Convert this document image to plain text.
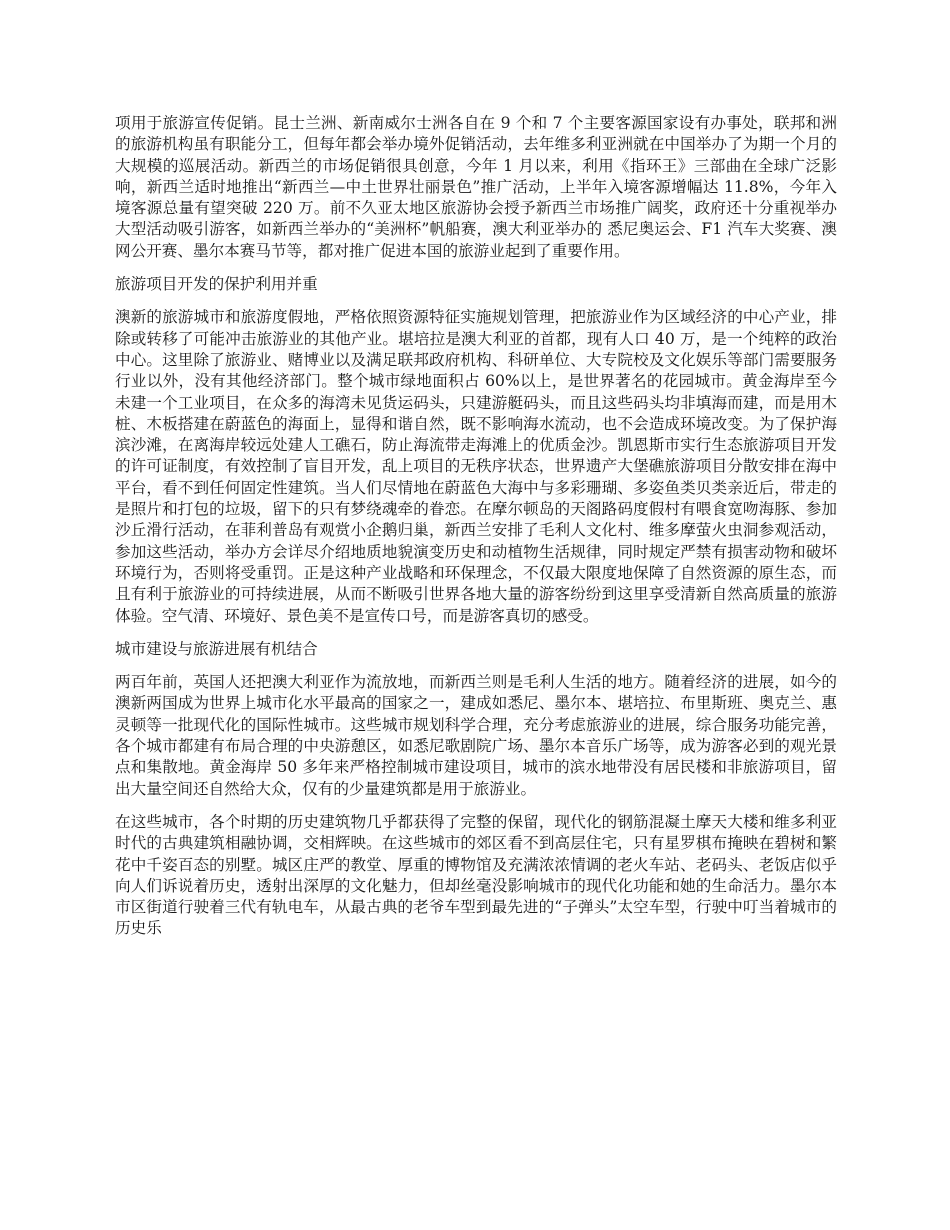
项用于旅游宣传促销。昆士兰洲、新南威尔士洲各自在 9 个和 7 个主要客源国家设有办事处，联邦和洲的旅游机构虽有职能分工，但每年都会举办境外促销活动，去年维多利亚洲就在中国举办了为期一个月的大规模的巡展活动。新西兰的市场促销很具创意，今年 1 月以来，利用《指环王》三部曲在全球广泛影响，新西兰适时地推出“新西兰—中土世界壮丽景色”推广活动，上半年入境客源增幅达 11.8%，今年入境客源总量有望突破 220 万。前不久亚太地区旅游协会授予新西兰市场推广阔奖，政府还十分重视举办大型活动吸引游客，如新西兰举办的“美洲杯”帆船赛，澳大利亚举办的 悉尼奥运会、F1 汽车大奖赛、澳网公开赛、墨尔本赛马节等，都对推广促进本国的旅游业起到了重要作用。

旅游项目开发的保护利用并重

澳新的旅游城市和旅游度假地，严格依照资源特征实施规划管理，把旅游业作为区域经济的中心产业，排除或转移了可能冲击旅游业的其他产业。堪培拉是澳大利亚的首都，现有人口 40 万，是一个纯粹的政治中心。这里除了旅游业、赌博业以及满足联邦政府机构、科研单位、大专院校及文化娱乐等部门需要服务行业以外，没有其他经济部门。整个城市绿地面积占 60%以上，是世界著名的花园城市。黄金海岸至今未建一个工业项目，在众多的海湾未见货运码头，只建游艇码头，而且这些码头均非填海而建，而是用木桩、木板搭建在蔚蓝色的海面上，显得和谐自然，既不影响海水流动，也不会造成环境改变。为了保护海滨沙滩，在离海岸较远处建人工礁石，防止海流带走海滩上的优质金沙。凯恩斯市实行生态旅游项目开发的许可证制度，有效控制了盲目开发，乱上项目的无秩序状态，世界遗产大堡礁旅游项目分散安排在海中平台，看不到任何固定性建筑。当人们尽情地在蔚蓝色大海中与多彩珊瑚、多姿鱼类贝类亲近后，带走的是照片和打包的垃圾，留下的只有梦绕魂牵的眷恋。在摩尔顿岛的天阁路码度假村有喂食宽吻海豚、参加沙丘滑行活动，在菲利普岛有观赏小企鹅归巢，新西兰安排了毛利人文化村、维多摩萤火虫洞参观活动，参加这些活动，举办方会详尽介绍地质地貌演变历史和动植物生活规律，同时规定严禁有损害动物和破坏环境行为，否则将受重罚。正是这种产业战略和环保理念，不仅最大限度地保障了自然资源的原生态，而且有利于旅游业的可持续进展，从而不断吸引世界各地大量的游客纷纷到这里享受清新自然高质量的旅游体验。空气清、环境好、景色美不是宣传口号，而是游客真切的感受。

城市建设与旅游进展有机结合

两百年前，英国人还把澳大利亚作为流放地，而新西兰则是毛利人生活的地方。随着经济的进展，如今的澳新两国成为世界上城市化水平最高的国家之一，建成如悉尼、墨尔本、堪培拉、布里斯班、奥克兰、惠灵顿等一批现代化的国际性城市。这些城市规划科学合理，充分考虑旅游业的进展，综合服务功能完善，各个城市都建有布局合理的中央游憩区，如悉尼歌剧院广场、墨尔本音乐广场等，成为游客必到的观光景点和集散地。黄金海岸 50 多年来严格控制城市建设项目，城市的滨水地带没有居民楼和非旅游项目，留出大量空间还自然给大众，仅有的少量建筑都是用于旅游业。

在这些城市，各个时期的历史建筑物几乎都获得了完整的保留，现代化的钢筋混凝土摩天大楼和维多利亚时代的古典建筑相融协调，交相辉映。在这些城市的郊区看不到高层住宅，只有星罗棋布掩映在碧树和繁花中千姿百态的别墅。城区庄严的教堂、厚重的博物馆及充满浓浓情调的老火车站、老码头、老饭店似乎向人们诉说着历史，透射出深厚的文化魅力，但却丝毫没影响城市的现代化功能和她的生命活力。墨尔本市区街道行驶着三代有轨电车，从最古典的老爷车型到最先进的“子弹头”太空车型，行驶中叮当着城市的历史乐
